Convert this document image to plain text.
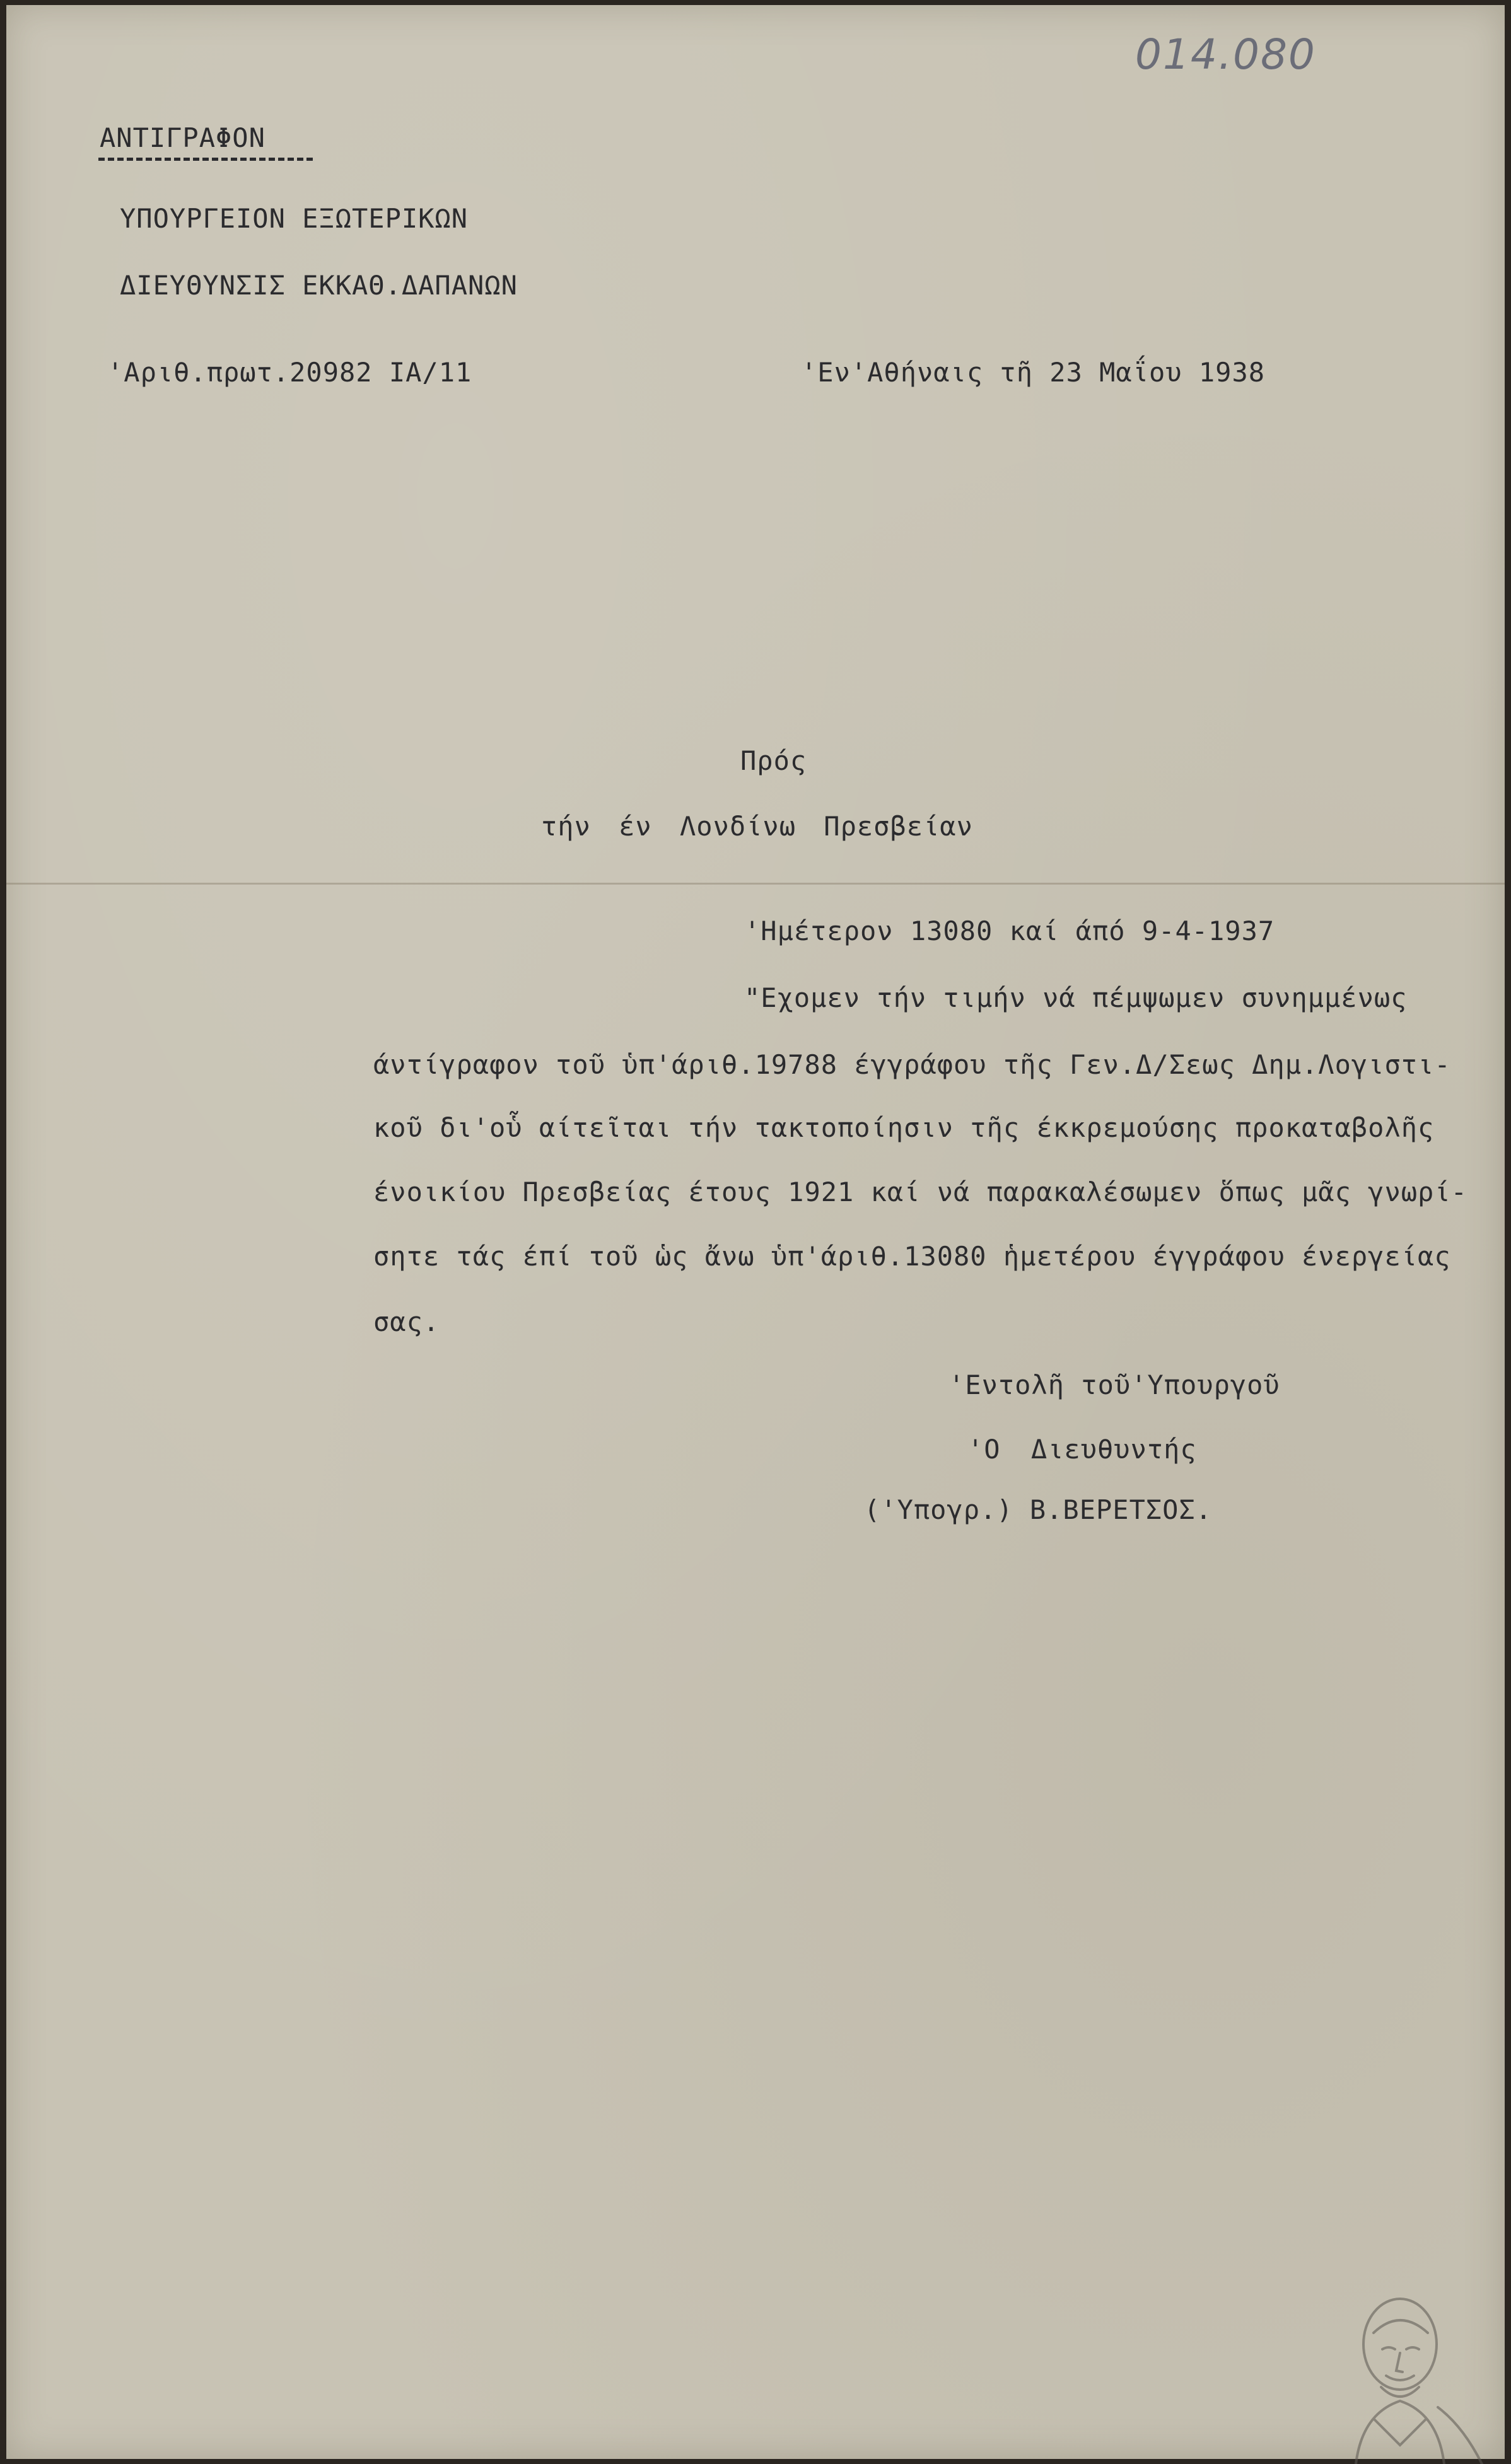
014.080
ΑΝΤΙΓΡΑΦΟΝ
ΥΠΟΥΡΓΕΙΟΝ ΕΞΩΤΕΡΙΚΩΝ
ΔΙΕΥΘΥΝΣΙΣ ΕΚΚΑΘ.ΔΑΠΑΝΩΝ
'Αριθ.πρωτ.20982 ΙΑ/11	'Εν'Αθήναις τῆ 23 Μαΐου 1938
Πρός
τήν έν Λονδίνω Πρεσβείαν
'Ημέτερον 13080 καί άπό 9-4-1937
"Εχομεν τήν τιμήν νά πέμψωμεν συνημμένως
άντίγραφον τοῦ ὑπ'άριθ.19788 έγγράφου τῆς Γεν.Δ/Σεως Δημ.Λογιστι-
κοῦ δι'οὗ αίτεῖται τήν τακτοποίησιν τῆς έκκρεμούσης προκαταβολῆς
ένοικίου Πρεσβείας έτους 1921 καί νά παρακαλέσωμεν ὅπως μᾶς γνωρί-
σητε τάς έπί τοῦ ὡς ἄνω ὑπ'άριθ.13080 ἡμετέρου έγγράφου ένεργείας
σας.
'Εντολῆ τοῦ'Υπουργοῦ
'Ο Διευθυντής
('Υπογρ.) Β.ΒΕΡΕΤΣΟΣ.
